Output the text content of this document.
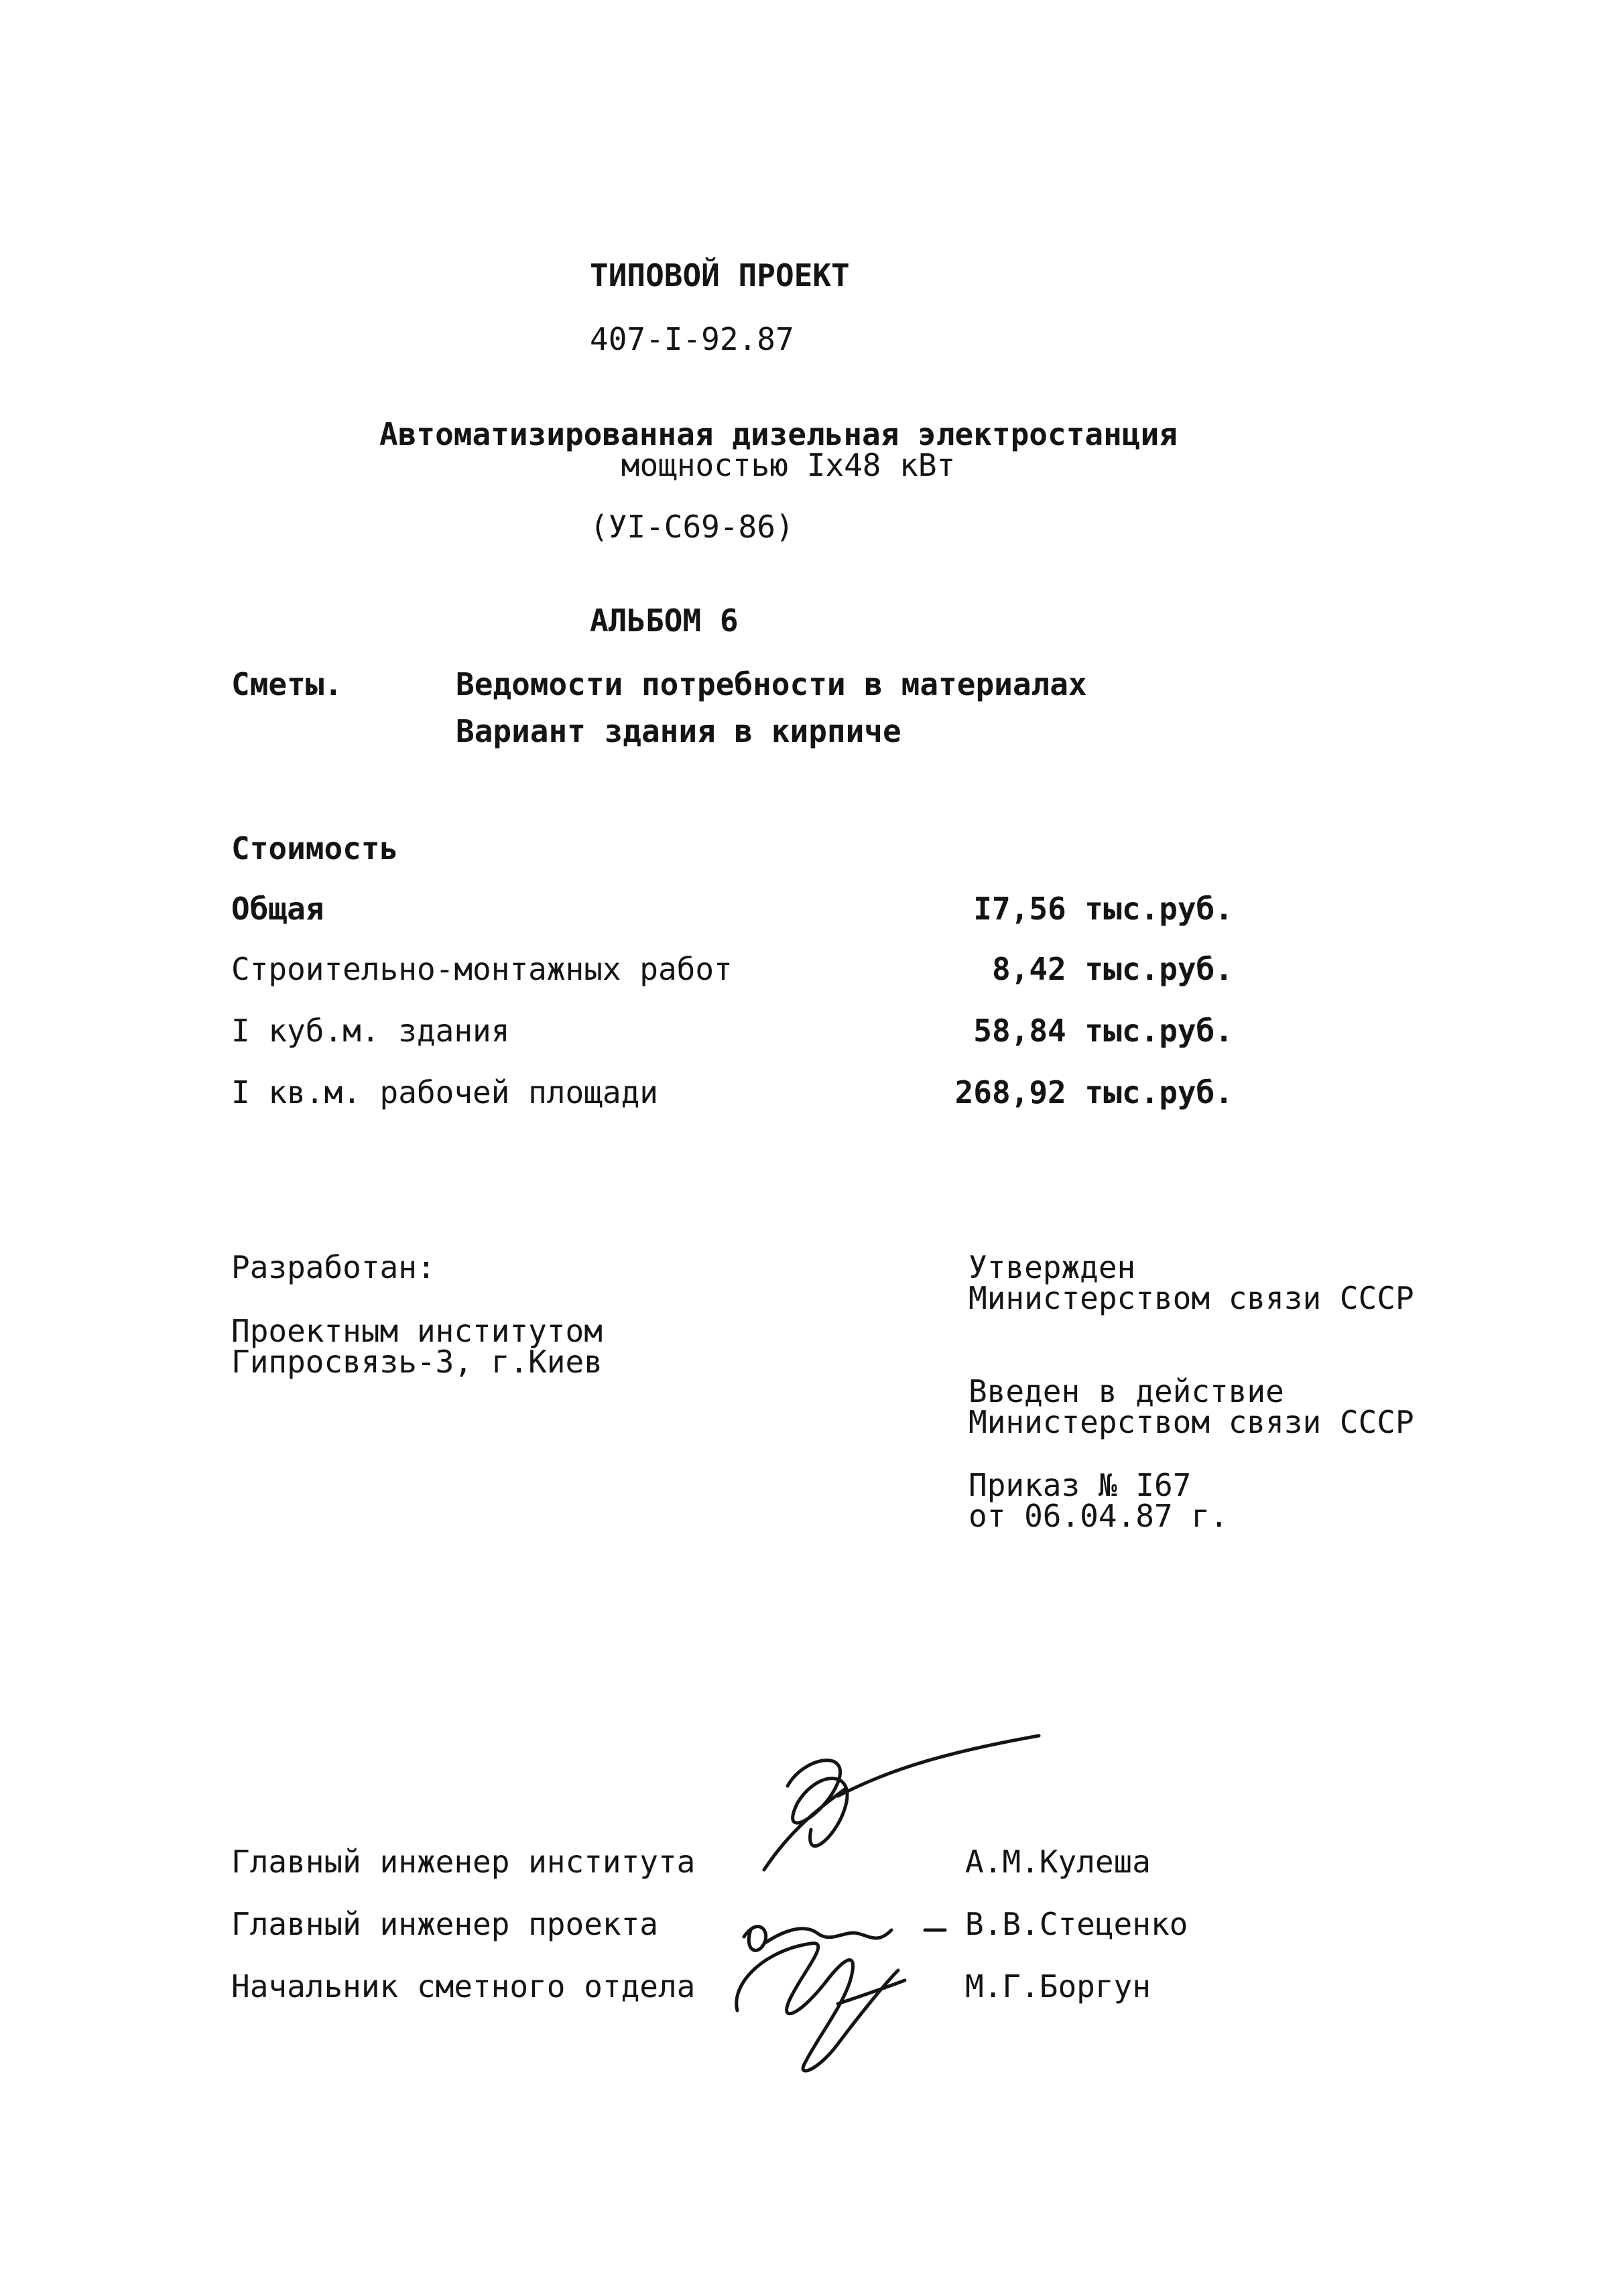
ТИПОВОЙ ПРОЕКТ
407-I-92.87
Автоматизированная дизельная электростанция
мощностью Iх48 кВт
(УI-С69-86)
АЛЬБОМ 6
Сметы.	Ведомости потребности в материалах
Вариант здания в кирпиче
Стоимость
Общая	I7,56 тыс.руб.
Строительно-монтажных работ	8,42 тыс.руб.
I куб.м. здания	58,84 тыс.руб.
I кв.м. рабочей площади	268,92 тыс.руб.
Разработан:
Проектным институтом
Гипросвязь-3, г.Киев
Утвержден
Министерством связи СССР
Введен в действие
Министерством связи СССР
Приказ № I67
от 06.04.87 г.
Главный инженер института	А.М.Кулеша
Главный инженер проекта	В.В.Стеценко
Начальник сметного отдела	М.Г.Боргун
